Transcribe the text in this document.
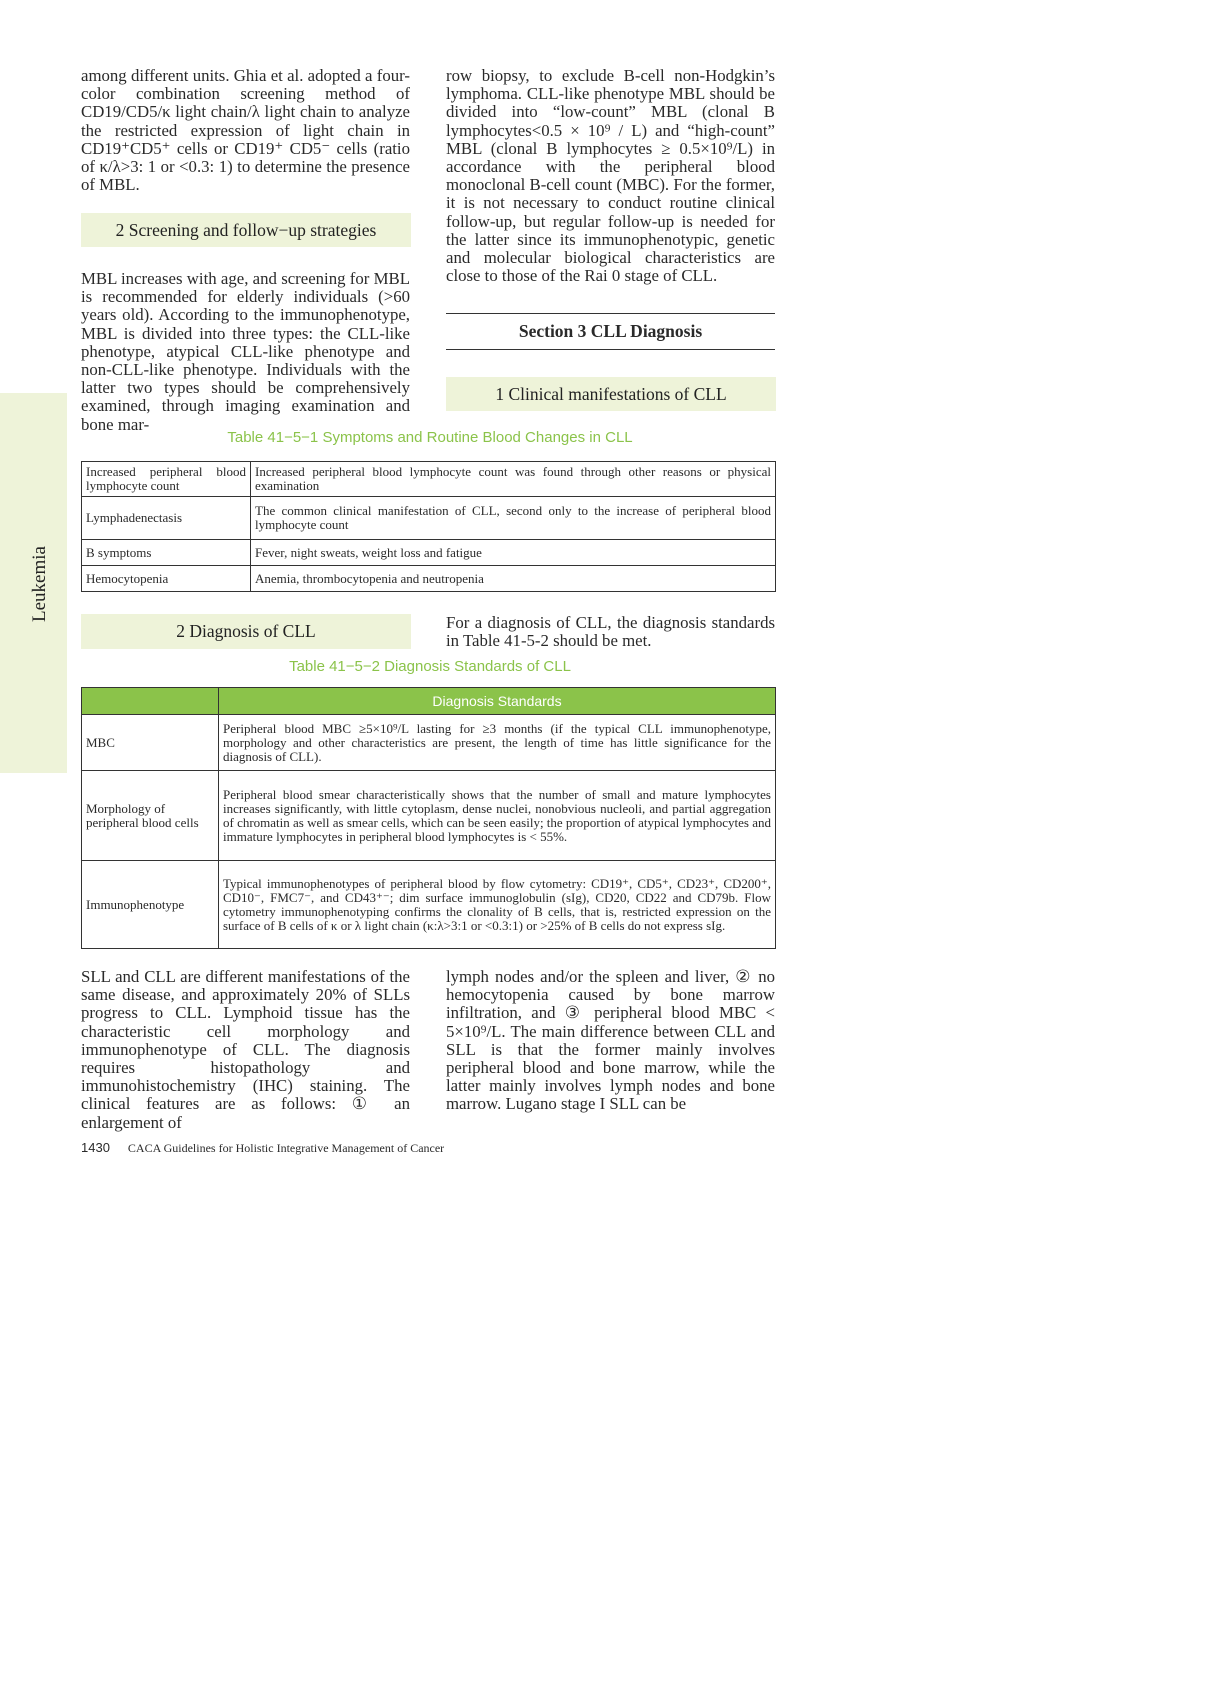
Leukemia

among different units. Ghia et al. adopted a four-color combination screening method of CD19/CD5/κ light chain/λ light chain to analyze the restricted expression of light chain in CD19⁺CD5⁺ cells or CD19⁺ CD5⁻ cells (ratio of κ/λ>3: 1 or <0.3: 1) to determine the presence of MBL.

2 Screening and follow−up strategies

MBL increases with age, and screening for MBL is recommended for elderly individuals (>60 years old). According to the immunophenotype, MBL is divided into three types: the CLL-like phenotype, atypical CLL-like phenotype and non-CLL-like phenotype. Individuals with the latter two types should be comprehensively examined, through imaging examination and bone mar-

row biopsy, to exclude B-cell non-Hodgkin’s lymphoma. CLL-like phenotype MBL should be divided into “low-count” MBL (clonal B lymphocytes<0.5 × 10⁹ / L) and “high-count” MBL (clonal B lymphocytes ≥ 0.5×10⁹/L) in accordance with the peripheral blood monoclonal B-cell count (MBC). For the former, it is not necessary to conduct routine clinical follow-up, but regular follow-up is needed for the latter since its immunophenotypic, genetic and molecular biological characteristics are close to those of the Rai 0 stage of CLL.

Section 3 CLL Diagnosis
1 Clinical manifestations of CLL
Table 41−5−1 Symptoms and Routine Blood Changes in CLL
Increased peripheral blood lymphocyte count	Increased peripheral blood lymphocyte count was found through other reasons or physical examination
Lymphadenectasis	The common clinical manifestation of CLL, second only to the increase of peripheral blood lymphocyte count
B symptoms	Fever, night sweats, weight loss and fatigue
Hemocytopenia	Anemia, thrombocytopenia and neutropenia
2 Diagnosis of CLL	For a diagnosis of CLL, the diagnosis standards in Table 41-5-2 should be met.

Table 41−5−2 Diagnosis Standards of CLL
	Diagnosis Standards
MBC	Peripheral blood MBC ≥5×10⁹/L lasting for ≥3 months (if the typical CLL immunophenotype, morphology and other characteristics are present, the length of time has little significance for the diagnosis of CLL).
Morphology of peripheral blood cells	Peripheral blood smear characteristically shows that the number of small and mature lymphocytes increases significantly, with little cytoplasm, dense nuclei, nonobvious nucleoli, and partial aggregation of chromatin as well as smear cells, which can be seen easily; the proportion of atypical lymphocytes and immature lymphocytes in peripheral blood lymphocytes is < 55%.
Immunophenotype	Typical immunophenotypes of peripheral blood by flow cytometry: CD19⁺, CD5⁺, CD23⁺, CD200⁺, CD10⁻, FMC7⁻, and CD43⁺⁻; dim surface immunoglobulin (sIg), CD20, CD22 and CD79b. Flow cytometry immunophenotyping confirms the clonality of B cells, that is, restricted expression on the surface of B cells of κ or λ light chain (κ:λ>3:1 or <0.3:1) or >25% of B cells do not express sIg.

SLL and CLL are different manifestations of the same disease, and approximately 20% of SLLs progress to CLL. Lymphoid tissue has the characteristic cell morphology and immunophenotype of CLL. The diagnosis requires histopathology and immunohistochemistry (IHC) staining. The clinical features are as follows: ① an enlargement of

lymph nodes and/or the spleen and liver, ② no hemocytopenia caused by bone marrow infiltration, and ③ peripheral blood MBC < 5×10⁹/L. The main difference between CLL and SLL is that the former mainly involves peripheral blood and bone marrow, while the latter mainly involves lymph nodes and bone marrow. Lugano stage I SLL can be

1430 CACA Guidelines for Holistic Integrative Management of Cancer
